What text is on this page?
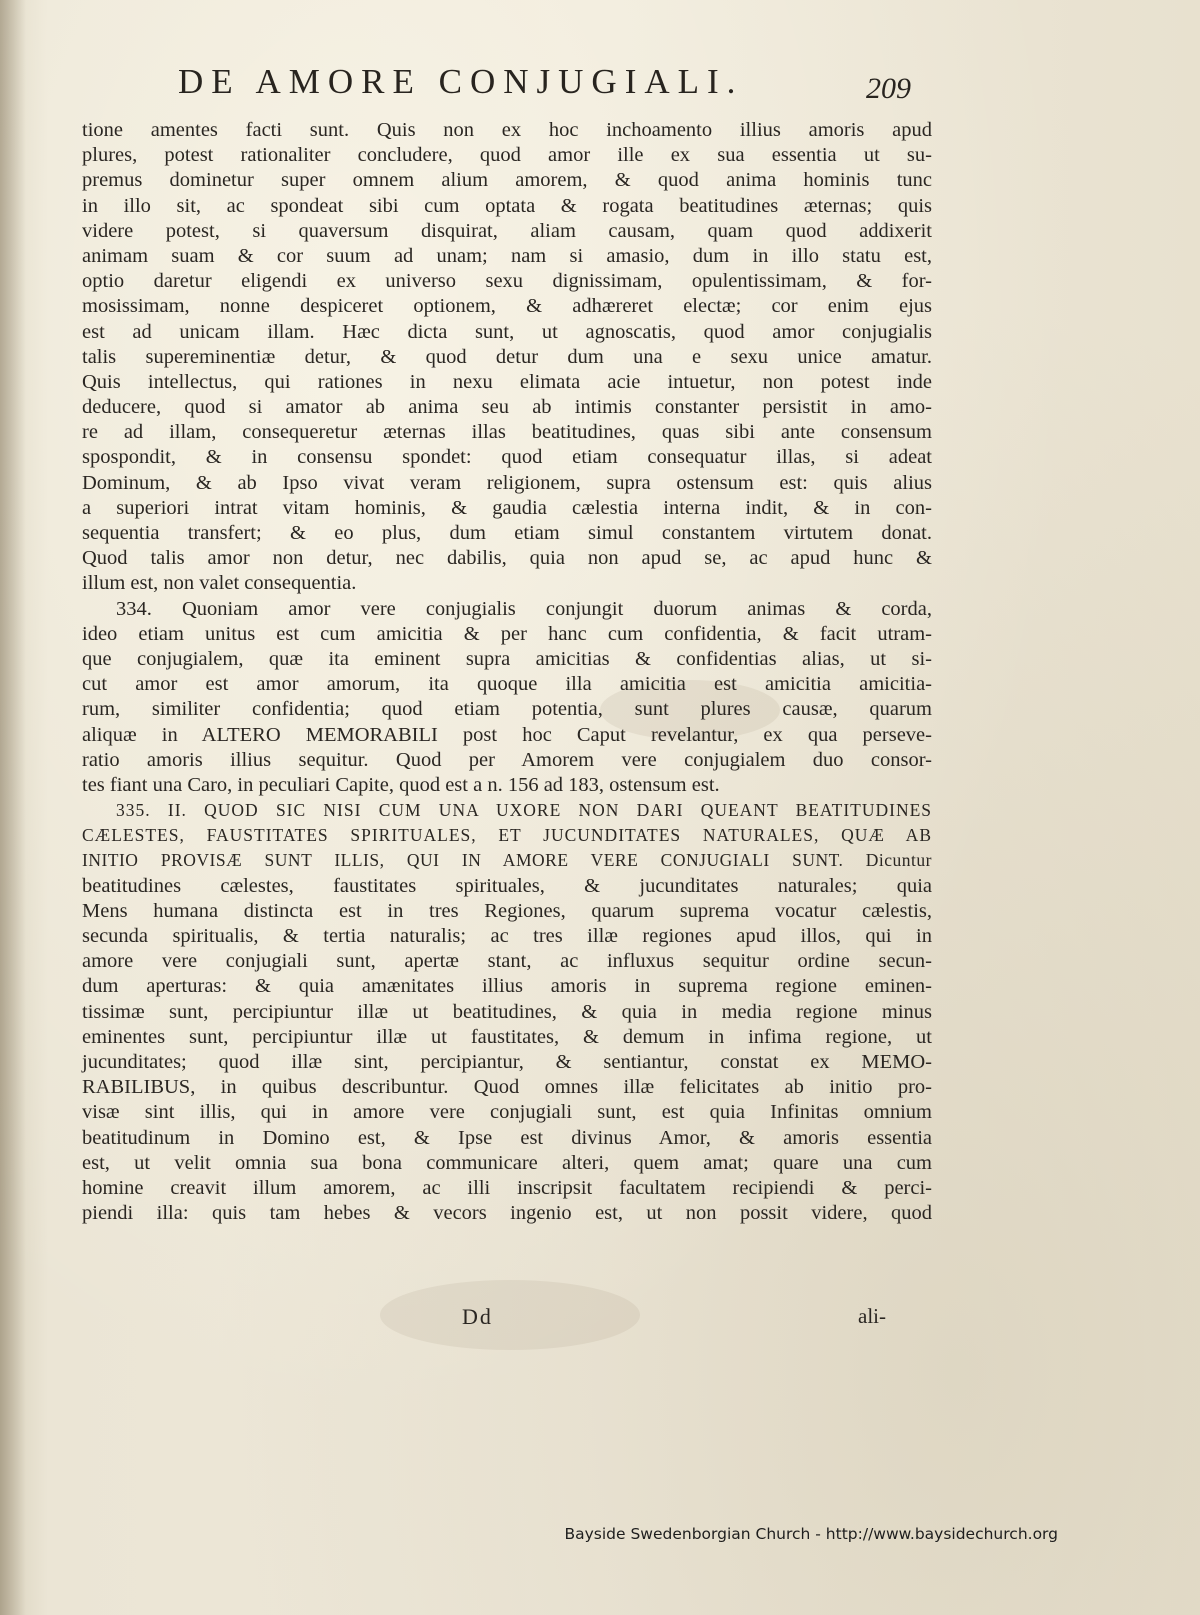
DE AMORE CONJUGIALI.	209
tione amentes facti sunt. Quis non ex hoc inchoamento illius amoris apud
plures, potest rationaliter concludere, quod amor ille ex sua essentia ut su-
premus dominetur super omnem alium amorem, & quod anima hominis tunc
in illo sit, ac spondeat sibi cum optata & rogata beatitudines æternas; quis
videre potest, si quaversum disquirat, aliam causam, quam quod addixerit
animam suam & cor suum ad unam; nam si amasio, dum in illo statu est,
optio daretur eligendi ex universo sexu dignissimam, opulentissimam, & for-
mosissimam, nonne despiceret optionem, & adhæreret electæ; cor enim ejus
est ad unicam illam. Hæc dicta sunt, ut agnoscatis, quod amor conjugialis
talis supereminentiæ detur, & quod detur dum una e sexu unice amatur.
Quis intellectus, qui rationes in nexu elimata acie intuetur, non potest inde
deducere, quod si amator ab anima seu ab intimis constanter persistit in amo-
re ad illam, consequeretur æternas illas beatitudines, quas sibi ante consensum
spospondit, & in consensu spondet: quod etiam consequatur illas, si adeat
Dominum, & ab Ipso vivat veram religionem, supra ostensum est: quis alius
a superiori intrat vitam hominis, & gaudia cælestia interna indit, & in con-
sequentia transfert; & eo plus, dum etiam simul constantem virtutem donat.
Quod talis amor non detur, nec dabilis, quia non apud se, ac apud hunc &
illum est, non valet consequentia.
334. Quoniam amor vere conjugialis conjungit duorum animas & corda,
ideo etiam unitus est cum amicitia & per hanc cum confidentia, & facit utram-
que conjugialem, quæ ita eminent supra amicitias & confidentias alias, ut si-
cut amor est amor amorum, ita quoque illa amicitia est amicitia amicitia-
rum, similiter confidentia; quod etiam potentia, sunt plures causæ, quarum
aliquæ in ALTERO MEMORABILI post hoc Caput revelantur, ex qua perseve-
ratio amoris illius sequitur. Quod per Amorem vere conjugialem duo consor-
tes fiant una Caro, in peculiari Capite, quod est a n. 156 ad 183, ostensum est.
335. II. QUOD SIC NISI CUM UNA UXORE NON DARI QUEANT BEATITUDINES
CÆLESTES, FAUSTITATES SPIRITUALES, ET JUCUNDITATES NATURALES, QUÆ AB
INITIO PROVISÆ SUNT ILLIS, QUI IN AMORE VERE CONJUGIALI SUNT. Dicuntur
beatitudines cælestes, faustitates spirituales, & jucunditates naturales; quia
Mens humana distincta est in tres Regiones, quarum suprema vocatur cælestis,
secunda spiritualis, & tertia naturalis; ac tres illæ regiones apud illos, qui in
amore vere conjugiali sunt, apertæ stant, ac influxus sequitur ordine secun-
dum aperturas: & quia amænitates illius amoris in suprema regione eminen-
tissimæ sunt, percipiuntur illæ ut beatitudines, & quia in media regione minus
eminentes sunt, percipiuntur illæ ut faustitates, & demum in infima regione, ut
jucunditates; quod illæ sint, percipiantur, & sentiantur, constat ex MEMO-
RABILIBUS, in quibus describuntur. Quod omnes illæ felicitates ab initio pro-
visæ sint illis, qui in amore vere conjugiali sunt, est quia Infinitas omnium
beatitudinum in Domino est, & Ipse est divinus Amor, & amoris essentia
est, ut velit omnia sua bona communicare alteri, quem amat; quare una cum
homine creavit illum amorem, ac illi inscripsit facultatem recipiendi & perci-
piendi illa: quis tam hebes & vecors ingenio est, ut non possit videre, quod
Dd	ali-
Bayside Swedenborgian Church - http://www.baysidechurch.org
